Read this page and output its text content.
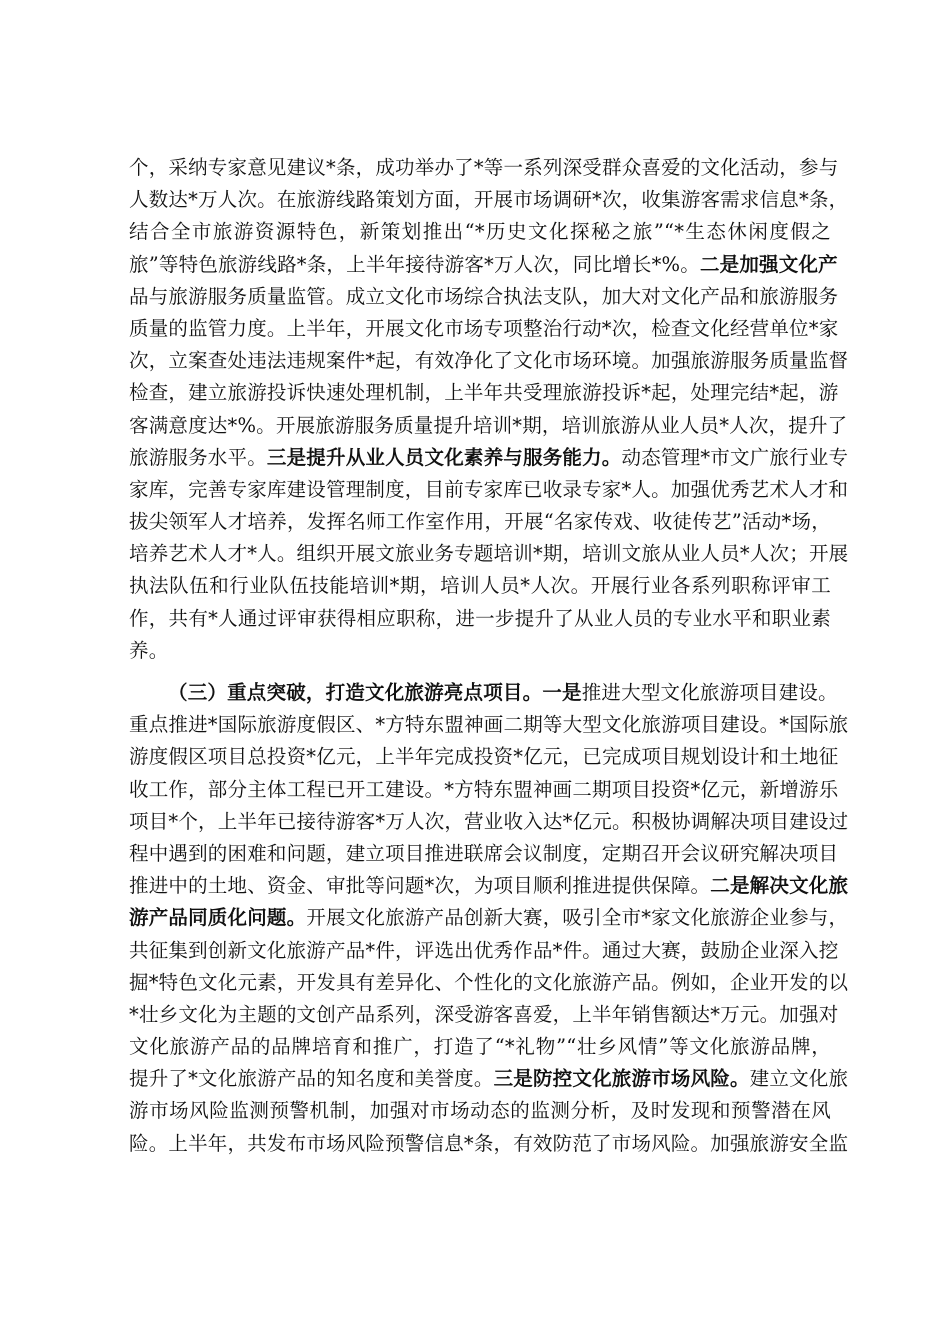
个，采纳专家意见建议*条，成功举办了*等一系列深受群众喜爱的文化活动，参与
人数达*万人次。在旅游线路策划方面，开展市场调研*次，收集游客需求信息*条，
结合全市旅游资源特色，新策划推出“*历史文化探秘之旅”“*生态休闲度假之
旅”等特色旅游线路*条，上半年接待游客*万人次，同比增长*%。二是加强文化产
品与旅游服务质量监管。成立文化市场综合执法支队，加大对文化产品和旅游服务
质量的监管力度。上半年，开展文化市场专项整治行动*次，检查文化经营单位*家
次，立案查处违法违规案件*起，有效净化了文化市场环境。加强旅游服务质量监督
检查，建立旅游投诉快速处理机制，上半年共受理旅游投诉*起，处理完结*起，游
客满意度达*%。开展旅游服务质量提升培训*期，培训旅游从业人员*人次，提升了
旅游服务水平。三是提升从业人员文化素养与服务能力。动态管理*市文广旅行业专
家库，完善专家库建设管理制度，目前专家库已收录专家*人。加强优秀艺术人才和
拔尖领军人才培养，发挥名师工作室作用，开展“名家传戏、收徒传艺”活动*场，
培养艺术人才*人。组织开展文旅业务专题培训*期，培训文旅从业人员*人次；开展
执法队伍和行业队伍技能培训*期，培训人员*人次。开展行业各系列职称评审工
作，共有*人通过评审获得相应职称，进一步提升了从业人员的专业水平和职业素
养。
（三）重点突破，打造文化旅游亮点项目。一是推进大型文化旅游项目建设。
重点推进*国际旅游度假区、*方特东盟神画二期等大型文化旅游项目建设。*国际旅
游度假区项目总投资*亿元，上半年完成投资*亿元，已完成项目规划设计和土地征
收工作，部分主体工程已开工建设。*方特东盟神画二期项目投资*亿元，新增游乐
项目*个，上半年已接待游客*万人次，营业收入达*亿元。积极协调解决项目建设过
程中遇到的困难和问题，建立项目推进联席会议制度，定期召开会议研究解决项目
推进中的土地、资金、审批等问题*次，为项目顺利推进提供保障。二是解决文化旅
游产品同质化问题。开展文化旅游产品创新大赛，吸引全市*家文化旅游企业参与，
共征集到创新文化旅游产品*件，评选出优秀作品*件。通过大赛，鼓励企业深入挖
掘*特色文化元素，开发具有差异化、个性化的文化旅游产品。例如，企业开发的以
*壮乡文化为主题的文创产品系列，深受游客喜爱，上半年销售额达*万元。加强对
文化旅游产品的品牌培育和推广，打造了“*礼物”“壮乡风情”等文化旅游品牌，
提升了*文化旅游产品的知名度和美誉度。三是防控文化旅游市场风险。建立文化旅
游市场风险监测预警机制，加强对市场动态的监测分析，及时发现和预警潜在风
险。上半年，共发布市场风险预警信息*条，有效防范了市场风险。加强旅游安全监
